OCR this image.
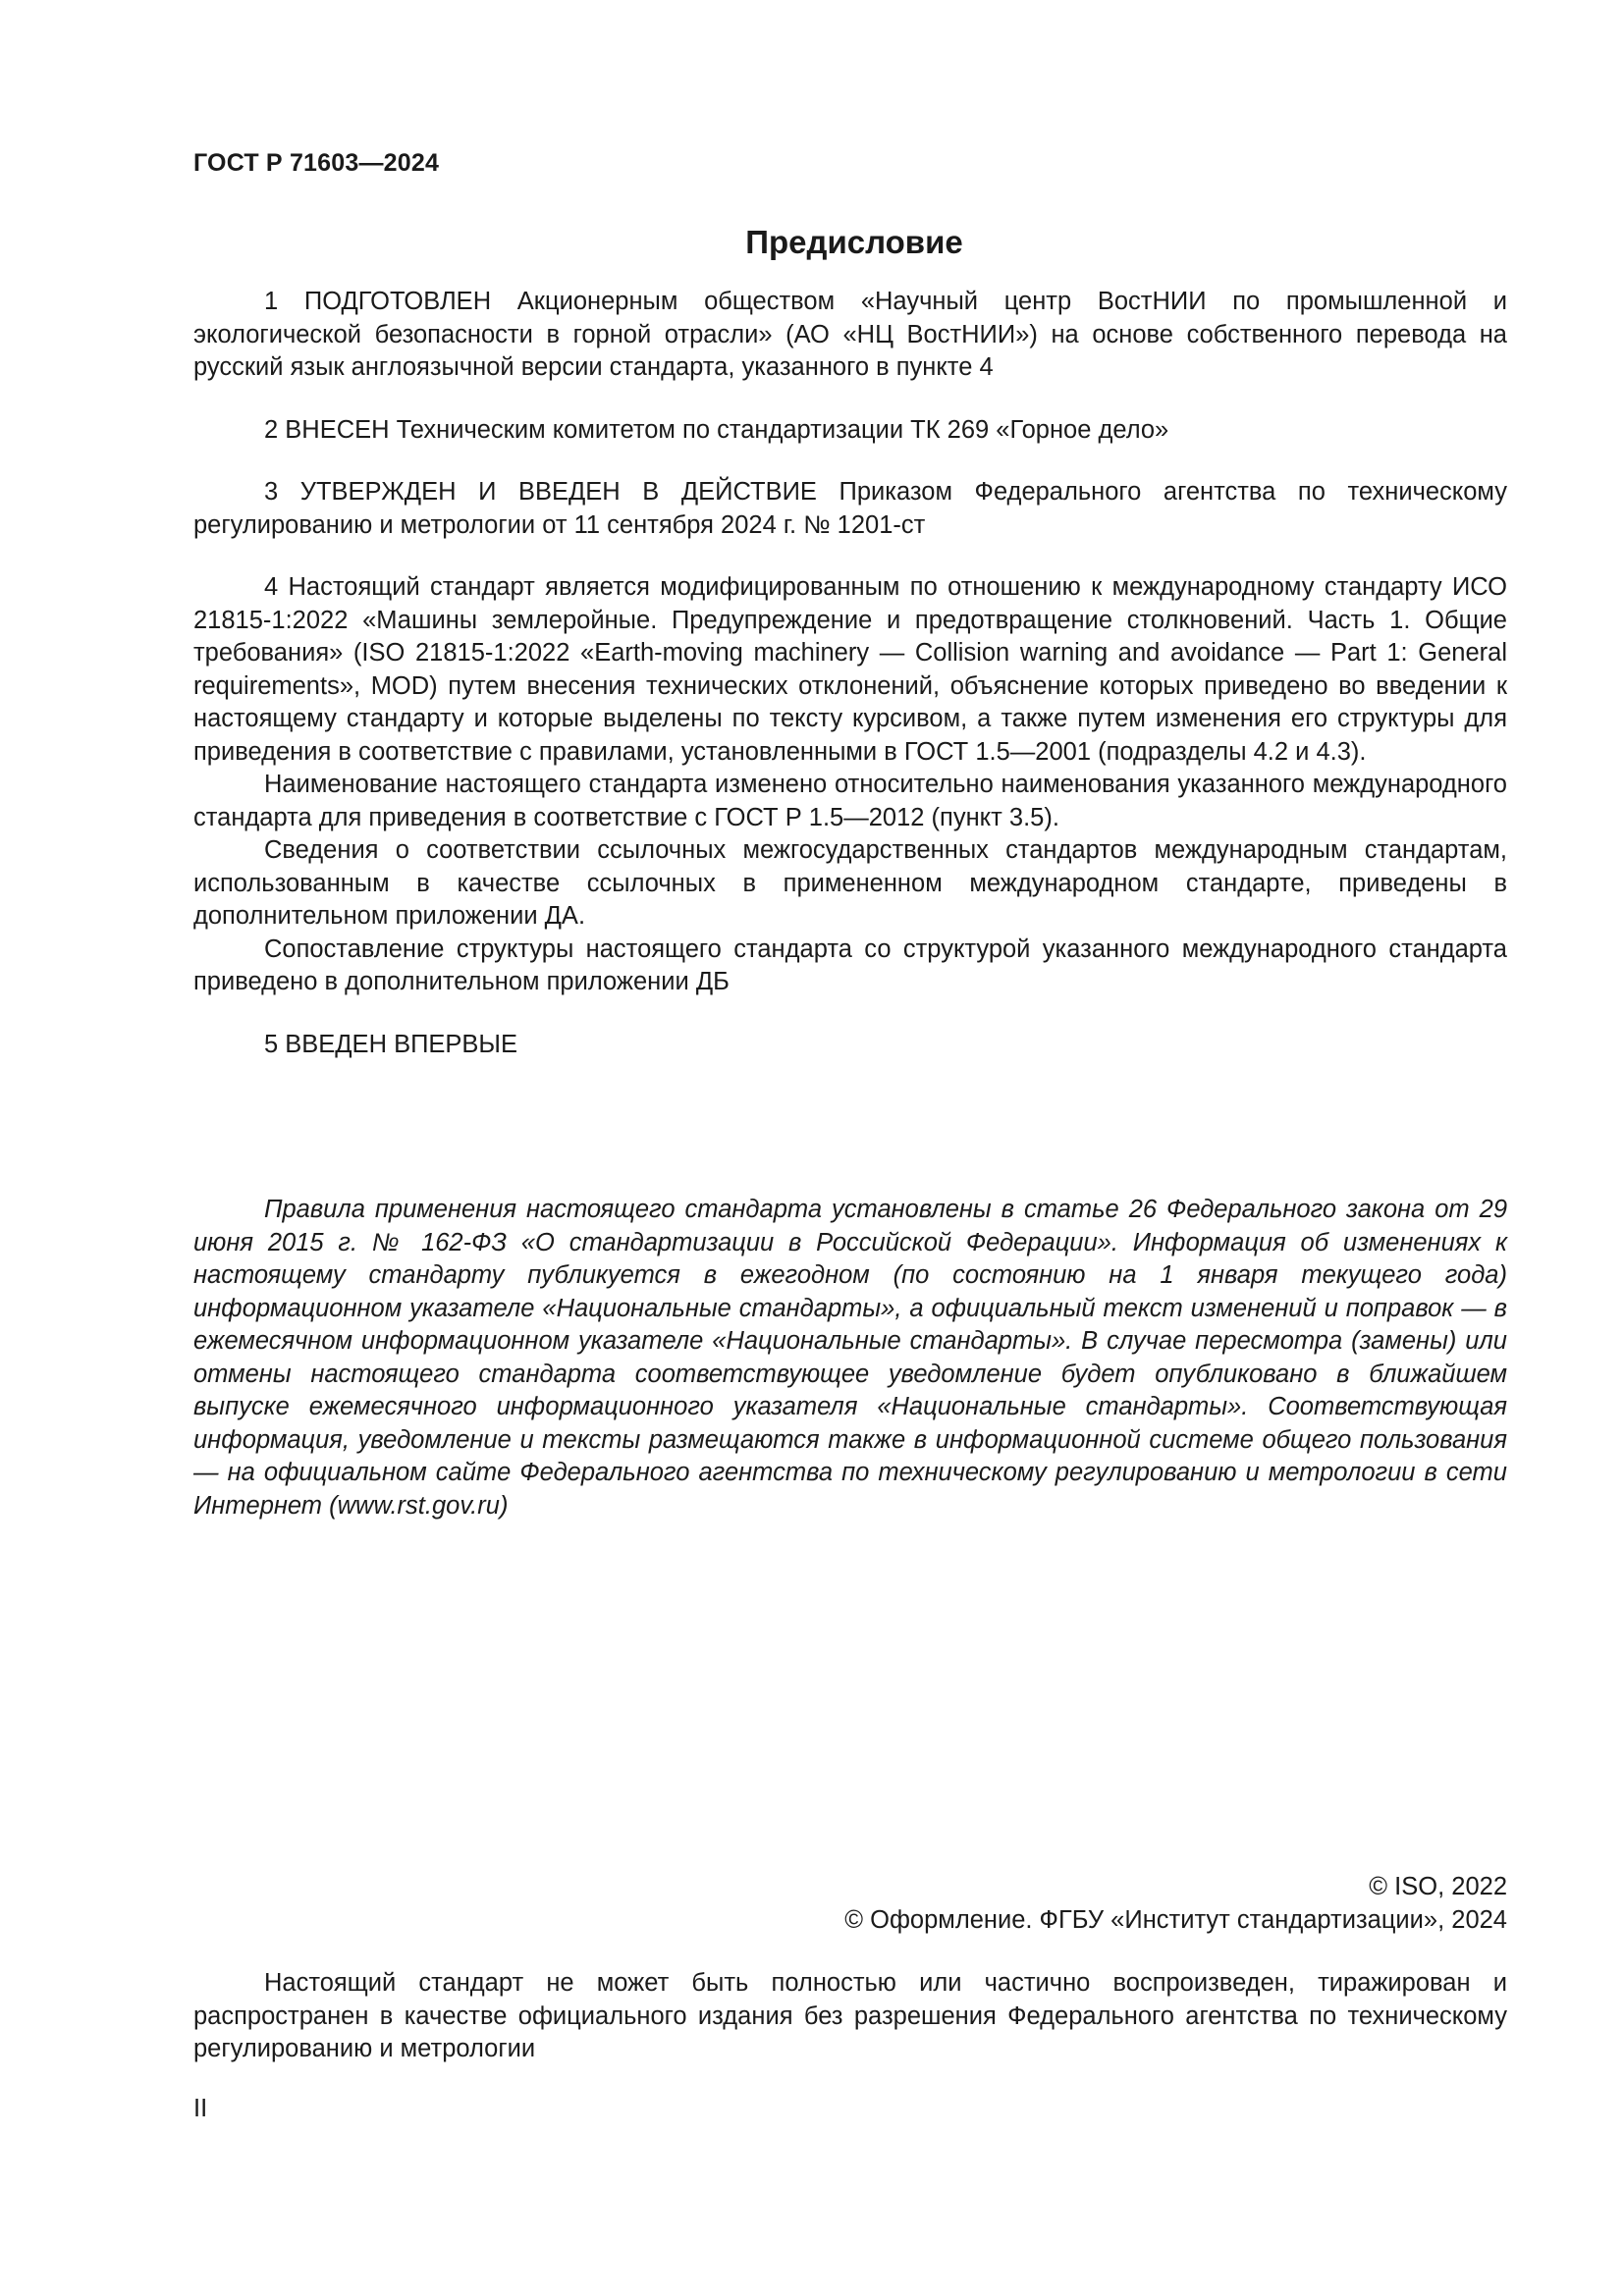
ГОСТ Р 71603—2024
Предисловие

1 ПОДГОТОВЛЕН Акционерным обществом «Научный центр ВостНИИ по промышленной и экологической безопасности в горной отрасли» (АО «НЦ ВостНИИ») на основе собственного перевода на русский язык англоязычной версии стандарта, указанного в пункте 4

2 ВНЕСЕН Техническим комитетом по стандартизации ТК 269 «Горное дело»

3 УТВЕРЖДЕН И ВВЕДЕН В ДЕЙСТВИЕ Приказом Федерального агентства по техническому регулированию и метрологии от 11 сентября 2024 г. № 1201-ст

4 Настоящий стандарт является модифицированным по отношению к международному стандарту ИСО 21815-1:2022 «Машины землеройные. Предупреждение и предотвращение столкновений. Часть 1. Общие требования» (ISO 21815-1:2022 «Earth-moving machinery — Collision warning and avoidance — Part 1: General requirements», MOD) путем внесения технических отклонений, объяснение которых приведено во введении к настоящему стандарту и которые выделены по тексту курсивом, а также путем изменения его структуры для приведения в соответствие с правилами, установленными в ГОСТ 1.5—2001 (подразделы 4.2 и 4.3).

Наименование настоящего стандарта изменено относительно наименования указанного международного стандарта для приведения в соответствие с ГОСТ Р 1.5—2012 (пункт 3.5).

Сведения о соответствии ссылочных межгосударственных стандартов международным стандартам, использованным в качестве ссылочных в примененном международном стандарте, приведены в дополнительном приложении ДА.

Сопоставление структуры настоящего стандарта со структурой указанного международного стандарта приведено в дополнительном приложении ДБ

5 ВВЕДЕН ВПЕРВЫЕ

Правила применения настоящего стандарта установлены в статье 26 Федерального закона от 29 июня 2015 г. № 162-ФЗ «О стандартизации в Российской Федерации». Информация об изменениях к настоящему стандарту публикуется в ежегодном (по состоянию на 1 января текущего года) информационном указателе «Национальные стандарты», а официальный текст изменений и поправок — в ежемесячном информационном указателе «Национальные стандарты». В случае пересмотра (замены) или отмены настоящего стандарта соответствующее уведомление будет опубликовано в ближайшем выпуске ежемесячного информационного указателя «Национальные стандарты». Соответствующая информация, уведомление и тексты размещаются также в информационной системе общего пользования — на официальном сайте Федерального агентства по техническому регулированию и метрологии в сети Интернет (www.rst.gov.ru)

© ISO, 2022
© Оформление. ФГБУ «Институт стандартизации», 2024

Настоящий стандарт не может быть полностью или частично воспроизведен, тиражирован и распространен в качестве официального издания без разрешения Федерального агентства по техническому регулированию и метрологии

II
